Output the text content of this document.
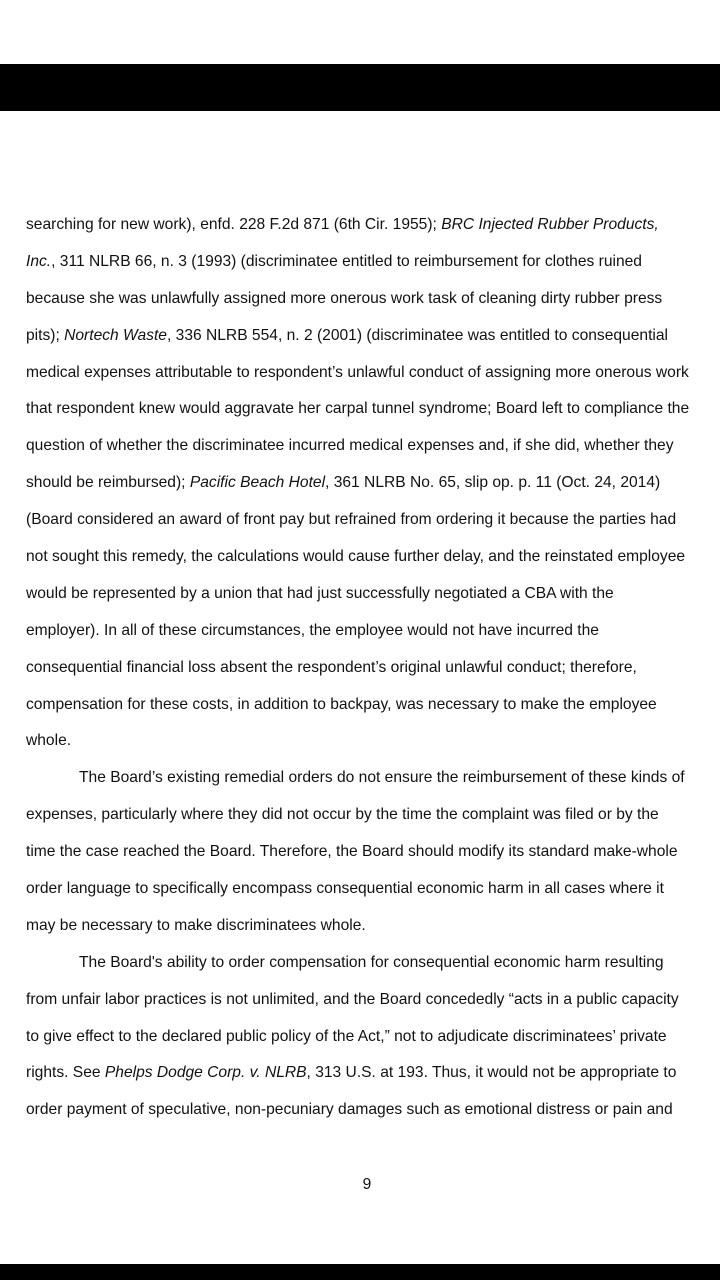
searching for new work), enfd. 228 F.2d 871 (6th Cir. 1955); BRC Injected Rubber Products,
Inc., 311 NLRB 66, n. 3 (1993) (discriminatee entitled to reimbursement for clothes ruined
because she was unlawfully assigned more onerous work task of cleaning dirty rubber press
pits); Nortech Waste, 336 NLRB 554, n. 2 (2001) (discriminatee was entitled to consequential
medical expenses attributable to respondent’s unlawful conduct of assigning more onerous work
that respondent knew would aggravate her carpal tunnel syndrome; Board left to compliance the
question of whether the discriminatee incurred medical expenses and, if she did, whether they
should be reimbursed); Pacific Beach Hotel, 361 NLRB No. 65, slip op. p. 11 (Oct. 24, 2014)
(Board considered an award of front pay but refrained from ordering it because the parties had
not sought this remedy, the calculations would cause further delay, and the reinstated employee
would be represented by a union that had just successfully negotiated a CBA with the
employer). In all of these circumstances, the employee would not have incurred the
consequential financial loss absent the respondent’s original unlawful conduct; therefore,
compensation for these costs, in addition to backpay, was necessary to make the employee
whole.
The Board’s existing remedial orders do not ensure the reimbursement of these kinds of
expenses, particularly where they did not occur by the time the complaint was filed or by the
time the case reached the Board. Therefore, the Board should modify its standard make-whole
order language to specifically encompass consequential economic harm in all cases where it
may be necessary to make discriminatees whole.
The Board's ability to order compensation for consequential economic harm resulting
from unfair labor practices is not unlimited, and the Board concededly “acts in a public capacity
to give effect to the declared public policy of the Act,” not to adjudicate discriminatees’ private
rights. See Phelps Dodge Corp. v. NLRB, 313 U.S. at 193. Thus, it would not be appropriate to
order payment of speculative, non-pecuniary damages such as emotional distress or pain and
9
